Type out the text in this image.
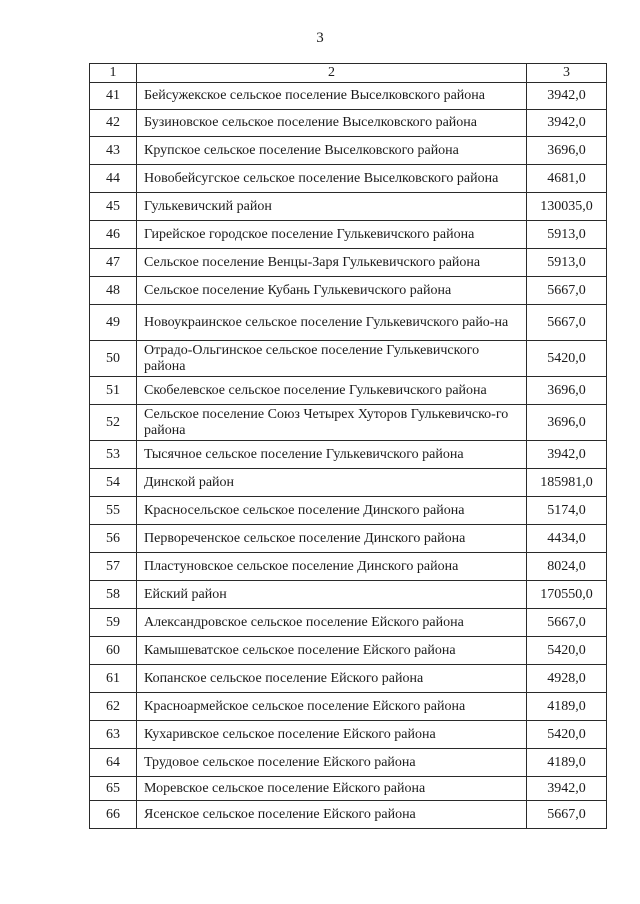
3
1	2	3
41	Бейсужекское сельское поселение Выселковского района	3942,0
42	Бузиновское сельское поселение Выселковского района	3942,0
43	Крупское сельское поселение Выселковского района	3696,0
44	Новобейсугское сельское поселение Выселковского района	4681,0
45	Гулькевичский район	130035,0
46	Гирейское городское поселение Гулькевичского района	5913,0
47	Сельское поселение Венцы-Заря Гулькевичского района	5913,0
48	Сельское поселение Кубань Гулькевичского района	5667,0
49	Новоукраинское сельское поселение Гулькевичского райо-на	5667,0
50	Отрадо-Ольгинское сельское поселение Гулькевичского района	5420,0
51	Скобелевское сельское поселение Гулькевичского района	3696,0
52	Сельское поселение Союз Четырех Хуторов Гулькевичско-го района	3696,0
53	Тысячное сельское поселение Гулькевичского района	3942,0
54	Динской район	185981,0
55	Красносельское сельское поселение Динского района	5174,0
56	Первореченское сельское поселение Динского района	4434,0
57	Пластуновское сельское поселение Динского района	8024,0
58	Ейский район	170550,0
59	Александровское сельское поселение Ейского района	5667,0
60	Камышеватское сельское поселение Ейского района	5420,0
61	Копанское сельское поселение Ейского района	4928,0
62	Красноармейское сельское поселение Ейского района	4189,0
63	Кухаривское сельское поселение Ейского района	5420,0
64	Трудовое сельское поселение Ейского района	4189,0
65	Моревское сельское поселение Ейского района	3942,0
66	Ясенское сельское поселение Ейского района	5667,0
